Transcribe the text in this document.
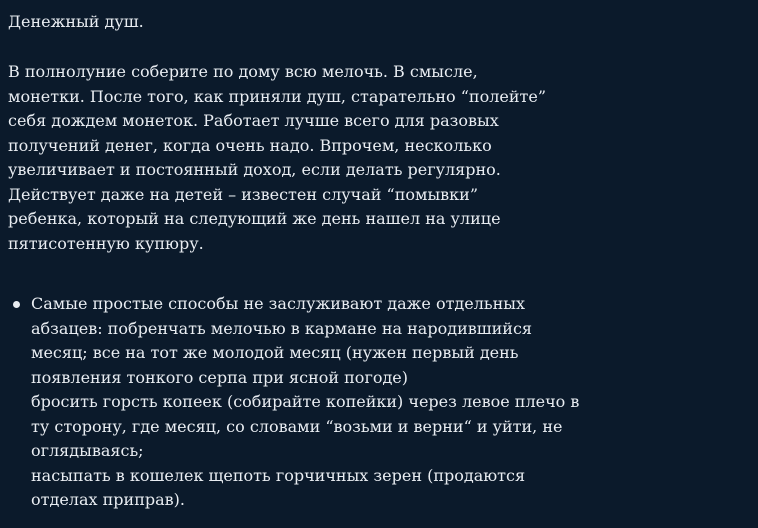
Денежный душ.
В полнолуние соберите по дому всю мелочь. В смысле,
монетки. После того, как приняли душ, старательно “полейте”
себя дождем монеток. Работает лучше всего для разовых
получений денег, когда очень надо. Впрочем, несколько
увеличивает и постоянный доход, если делать регулярно.
Действует даже на детей – известен случай “помывки”
ребенка, который на следующий же день нашел на улице
пятисотенную купюру.
Самые простые способы не заслуживают даже отдельных
абзацев: побренчать мелочью в кармане на народившийся
месяц; все на тот же молодой месяц (нужен первый день
появления тонкого серпа при ясной погоде)
бросить горсть копеек (собирайте копейки) через левое плечо в
ту сторону, где месяц, со словами “возьми и верни“ и уйти, не
оглядываясь;
насыпать в кошелек щепоть горчичных зерен (продаются
отделах приправ).
